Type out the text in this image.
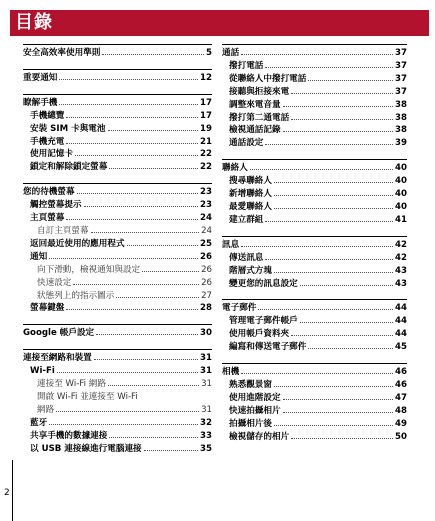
目錄
安全高效率使用準則	5
重要通知	12
瞭解手機	17
手機總覽	17
安裝 SIM 卡與電池	19
手機充電	21
使用記憶卡	22
鎖定和解除鎖定螢幕	22
您的待機螢幕	23
觸控螢幕提示	23
主頁螢幕	24
自訂主頁螢幕	24
返回最近使用的應用程式	25
通知	26
向下滑動，檢視通知與設定	26
快速設定	26
狀態列上的指示圖示	27
螢幕鍵盤	28
Google 帳戶設定	30
連接至網路和裝置	31
Wi-Fi	31
連接至 Wi-Fi 網路	31
開啟 Wi-Fi 並連接至 Wi-Fi
網路	31
藍牙	32
共享手機的數據連接	33
以 USB 連接線進行電腦連接	35
通話	37
撥打電話	37
從聯絡人中撥打電話	37
接聽與拒接來電	37
調整來電音量	38
撥打第二通電話	38
檢視通話記錄	38
通話設定	39
聯絡人	40
搜尋聯絡人	40
新增聯絡人	40
最愛聯絡人	40
建立群組	41
訊息	42
傳送訊息	42
階層式方塊	43
變更您的訊息設定	43
電子郵件	44
管理電子郵件帳戶	44
使用帳戶資料夾	44
編寫和傳送電子郵件	45
相機	46
熟悉觀景窗	46
使用進階設定	47
快速拍攝相片	48
拍攝相片後	49
檢視儲存的相片	50
2
